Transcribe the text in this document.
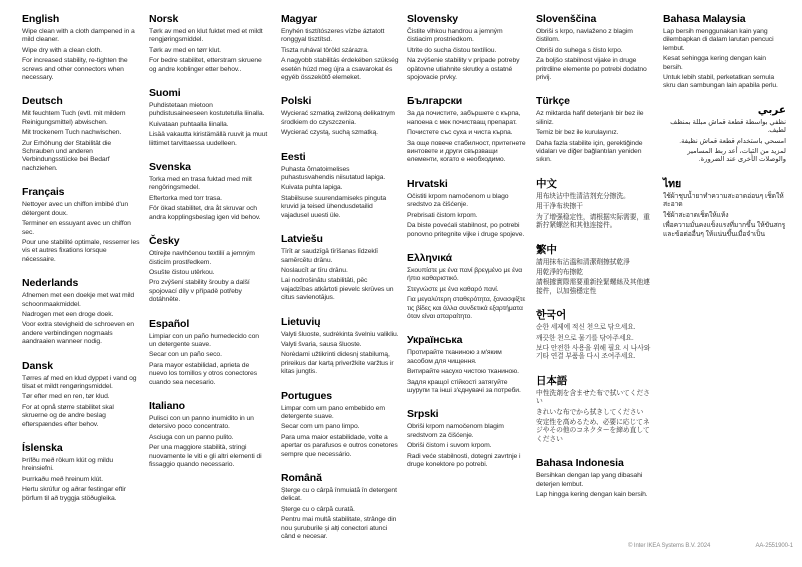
English

Wipe clean with a cloth dampened in a mild cleaner.

Wipe dry with a clean cloth.

For increased stability, re-tighten the screws and other connectors when necessary.

Deutsch

Mit feuchtem Tuch (evtl. mit mildem Reinigungsmittel) abwischen.

Mit trockenem Tuch nachwischen.

Zur Erhöhung der Stabilität die Schrauben und anderen Verbindungsstücke bei Bedarf nachziehen.

Français

Nettoyer avec un chiffon imbibé d'un détergent doux.

Terminer en essuyant avec un chiffon sec.

Pour une stabilité optimale, resserrer les vis et autres fixations lorsque nécessaire.

Nederlands

Afnemen met een doekje met wat mild schoonmaakmiddel.

Nadrogen met een droge doek.

Voor extra stevigheid de schroeven en andere verbindingen nogmaals aandraaien wanneer nodig.

Dansk

Tørres af med en klud dyppet i vand og tilsat et mildt rengøringsmiddel.

Tør efter med en ren, tør klud.

For at opnå større stabilitet skal skruerne og de andre beslag efterspændes efter behov.

Íslenska

Þrífðu með rökum klút og mildu hreinsiefni.

Þurrkaðu með hreinum klút.

Hertu skrúfur og aðrar festingar eftir þörfum til að tryggja stöðugleika.

Norsk

Tørk av med en klut fuktet med et mildt rengjøringsmiddel.

Tørk av med en tørr klut.

For bedre stabilitet, etterstram skruene og andre koblinger etter behov..

Suomi

Puhdistetaan mietoon puhdistusaineeseen kostutetulla liinalla.

Kuivataan puhtaalla liinalla.

Lisää vakautta kiristämällä ruuvit ja muut liittimet tarvittaessa uudelleen.

Svenska

Torka med en trasa fuktad med milt rengöringsmedel.

Eftertorka med torr trasa.

För ökad stabilitet, dra åt skruvar och andra kopplingsbeslag igen vid behov.

Česky

Otírejte navlhčenou textilií a jemným čisticím prostředkem.

Osušte čistou utěrkou.

Pro zvýšení stability šrouby a další spojovací díly v případě potřeby dotáhněte.

Español

Limpiar con un paño humedecido con un detergente suave.

Secar con un paño seco.

Para mayor estabilidad, aprieta de nuevo los tornillos y otros conectores cuando sea necesario.

Italiano

Pulisci con un panno inumidito in un detersivo poco concentrato.

Asciuga con un panno pulito.

Per una maggiore stabilità, stringi nuovamente le viti e gli altri elementi di fissaggio quando necessario.

Magyar

Enyhén tisztítószeres vízbe áztatott ronggyal tisztítsd.

Tiszta ruhával töröld szárazra.

A nagyobb stabilitás érdekében szükség esetén húzd meg újra a csavarokat és egyéb összekötő elemeket.

Polski

Wycierać szmatką zwilżoną delikatnym środkiem do czyszczenia.

Wycierać czystą, suchą szmatką.

Eesti

Puhasta õrnatoimelises puhastusvahendis niisutatud lapiga.

Kuivata puhta lapiga.

Stabiilsuse suurendamiseks pinguta kruvid ja teised ühendusdetailid vajadusel uuesti üle.

Latviešu

Tīrīt ar saudzīgā tīrīšanas līdzeklī samērcētu drānu.

Noslaucīt ar tīru drānu.

Lai nodrošinātu stabilitāti, pēc vajadzības atkārtoti pievelc skrūves un citus savienotājus.

Lietuvių

Valyti šluoste, sudrėkinta švelniu valikliu.

Valyti švaria, sausa šluoste.

Norėdami užtikrinti didesnį stabilumą, prireikus dar kartą priveržkite varžtus ir kitas jungtis.

Portugues

Limpar com um pano embebido em detergente suave.

Secar com um pano limpo.

Para uma maior estabilidade, volte a apertar os parafusos e outros conetores sempre que necessário.

Română

Șterge cu o cârpă înmuiată în detergent delicat.

Șterge cu o cârpă curată.

Pentru mai multă stabilitate, strânge din nou șuruburile și alți conectori atunci când e necesar.

Slovensky

Čistite vlhkou handrou a jemným čistiacim prostriedkom.

Utrite do sucha čistou textíliou.

Na zvýšenie stability v prípade potreby opätovne utiahnite skrutky a ostatné spojovacie prvky.

Български

За да почистите, забършете с кърпа, напоена с мек почистващ препарат.

Почистете със суха и чиста кърпа.

За още повече стабилност, притегнете винтовете и други свързващи елементи, когато е необходимо.

Hrvatski

Očistiti krpom namočenom u blago sredstvo za čišćenje.

Prebrisati čistom krpom.

Da biste povećali stabilnost, po potrebi ponovno pritegnite vijke i druge spojeve.

Ελληνικά

Σκουπίστε με ένα πανί βρεγμένο με ένα ήπιο καθαριστικό.

Στεγνώστε με ένα καθαρό πανί.

Για μεγαλύτερη σταθερότητα, ξανασφίξτε τις βίδες και άλλα συνδετικά εξαρτήματα όταν είναι απαραίτητο.

Українська

Протирайте тканиною з м'яким засобом для чищення.

Витирайте насухо чистою тканиною.

Задля кращої стійкості затягуйте шурупи та інші з'єднувачі за потреби.

Srpski

Obriši krpom namočenom blagim sredstvom za čišćenje.

Obriši čistom i suvom krpom.

Radi veće stabilnosti, dotegni zavrtnje i druge konektore po potrebi.

Slovenščina

Obriši s krpo, navlaženo z blagim čistilom.

Obriši do suhega s čisto krpo.

Za boljšo stabilnost vijake in druge pritrdilne elemente po potrebi dodatno privij.

Türkçe

Az miktarda hafif deterjanlı bir bez ile siliniz.

Temiz bir bez ile kurulayınız.

Daha fazla stabilite için, gerektiğinde vidaları ve diğer bağlantıları yeniden sıkın.

中文

用布块沾中性清洁剂充分擦洗。

用干净布块擦干

为了增强稳定性，请根据实际需要，重新拧紧螺丝和其他连接件。

繁中

請用抹布沾溫和清潔劑擦拭乾淨

用乾淨的布擦乾

請根據實際需要重新拴緊螺絲及其他連接件，以加強穩定性

한국어

순한 세제에 적신 천으로 닦으세요.

깨끗한 천으로 물기를 닦아주세요.

보다 안전한 사용을 위해 필요 시 나사와 기타 연결 부품을 다시 조여주세요.

日本語

中性洗剤を含ませた布で拭いてください

きれいな布でから拭きしてください

安定性を高めるため、必要に応じてネジやその他のコネクターを締め直してください

Bahasa Indonesia

Bersihkan dengan lap yang dibasahi deterjen lembut.

Lap hingga kering dengan kain bersih.

Bahasa Malaysia

Lap bersih menggunakan kain yang dilembapkan di dalam larutan pencuci lembut.

Kesat sehingga kering dengan kain bersih.

Untuk lebih stabil, perketatkan semula skru dan sambungan lain apabila perlu.

عربي

نظفي بواسطة قطعة قماش مبللة بمنظف لطيف.

امسحي باستخدام قطعة قماش نظيفة.

لمزيد من الثبات، أعد ربط المسامير والوصلات الأخرى عند الضرورة.

ไทย

ใช้ผ้าชุบน้ำยาทำความสะอาดอ่อนๆ เช็ดให้สะอาด

ใช้ผ้าสะอาดเช็ดให้แห้ง

เพื่อความมั่นคงแข็งแรงที่มากขึ้น ให้ขันสกรูและข้อต่ออื่นๆ ให้แน่นขึ้นเมื่อจำเป็น

© Inter IKEA Systems B.V. 2024	AA-2551900-1
